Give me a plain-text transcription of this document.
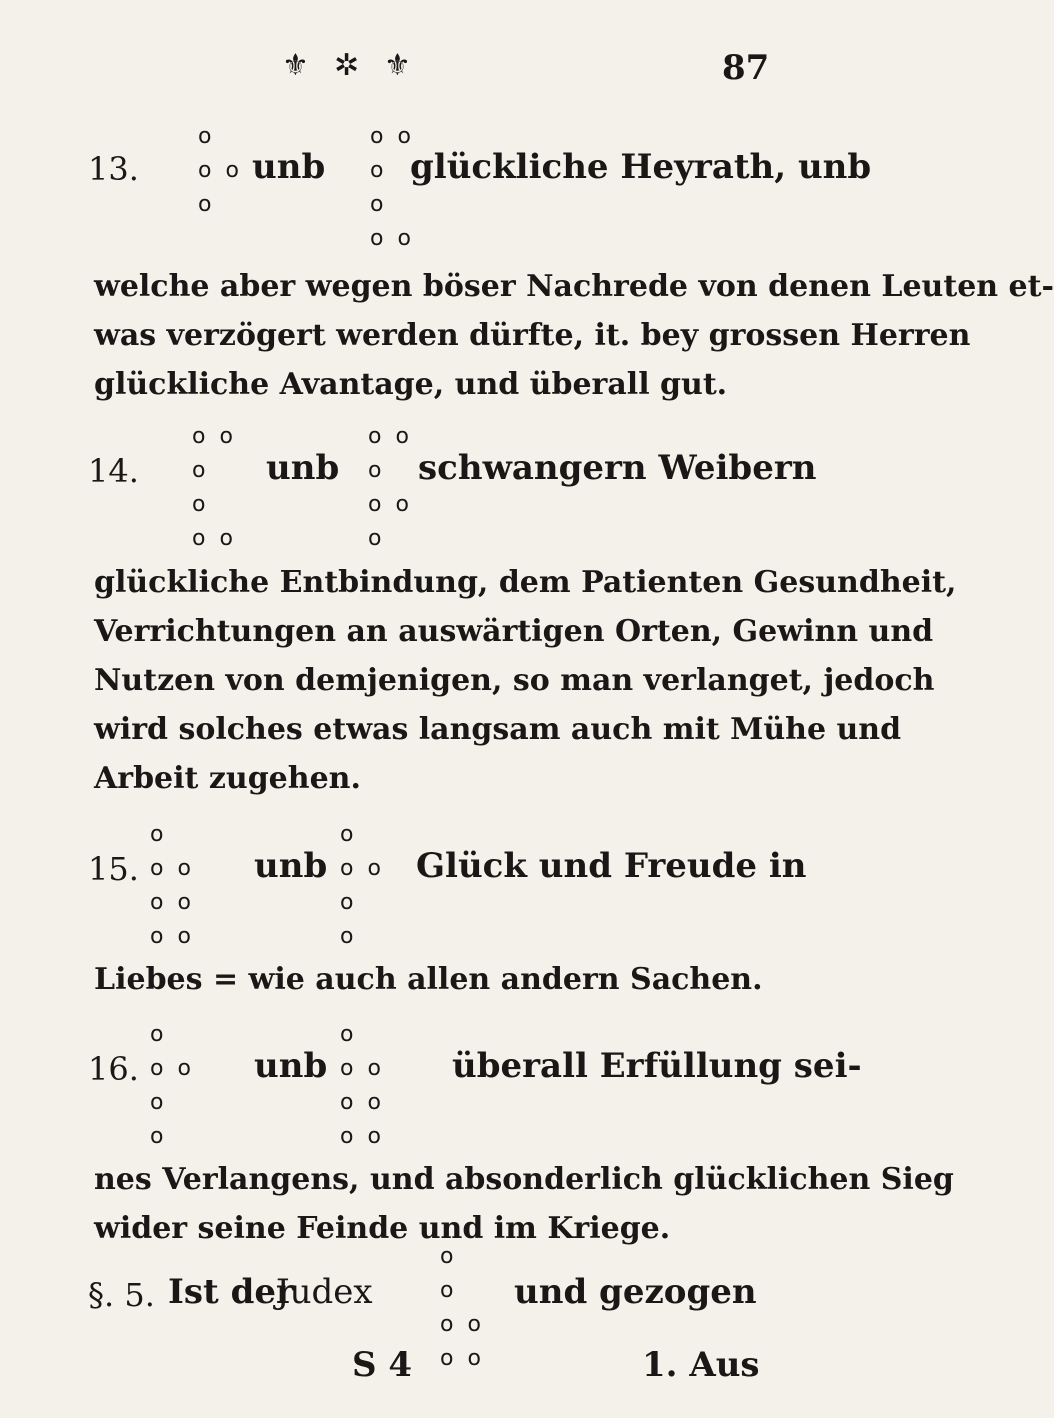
⚜ ✲ ⚜	87
o
o  o
o
13.	unb
o  o
o
o
o  o
glückliche Heyrath, unb

welche aber wegen böser Nachrede von denen Leuten et-

was verzögert werden dürfte, it. bey grossen Herren

glückliche Avantage, und überall gut.

o  o
o
o
o  o
14.	unb
o  o
o
o  o
o
schwangern Weibern

glückliche Entbindung, dem Patienten Gesundheit,

Verrichtungen an auswärtigen Orten, Gewinn und

Nutzen von demjenigen, so man verlanget, jedoch

wird solches etwas langsam auch mit Mühe und

Arbeit zugehen.

o
o  o
o  o
o  o
15.	unb
o
o  o
o
o
Glück und Freude in

Liebes = wie auch allen andern Sachen.

o
o  o
o
o
16.	unb
o
o  o
o  o
o  o
überall Erfüllung sei-

nes Verlangens, und absonderlich glücklichen Sieg

wider seine Feinde und im Kriege.

§. 5. Ist der
Judex
o
o
o  o
o  o
und gezogen
S 4	1. Aus
